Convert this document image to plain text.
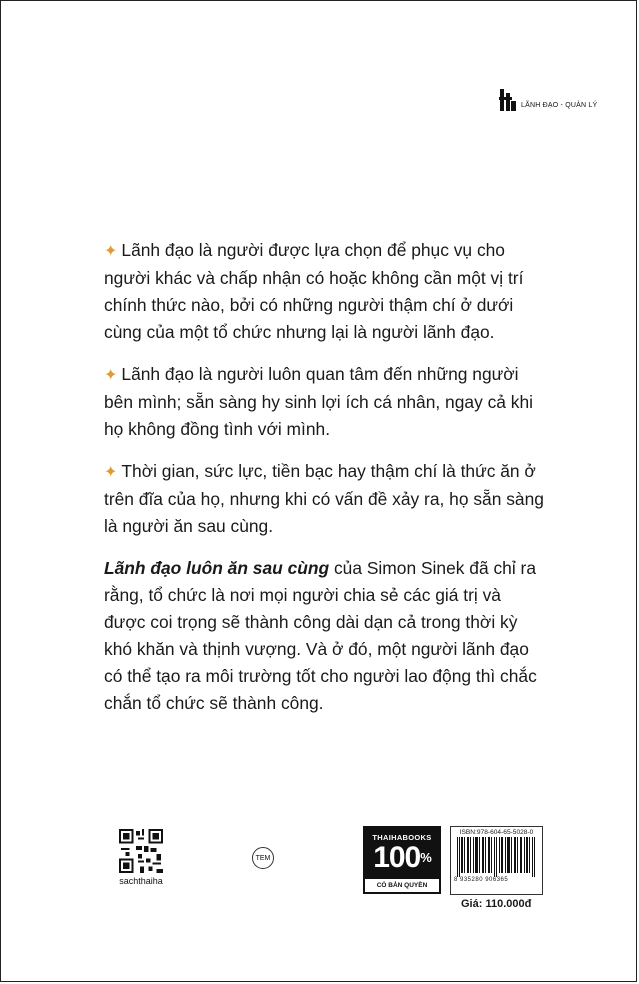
LÃNH ĐẠO - QUẢN LÝ

✦ Lãnh đạo là người được lựa chọn để phục vụ cho người khác và chấp nhận có hoặc không cần một vị trí chính thức nào, bởi có những người thậm chí ở dưới cùng của một tổ chức nhưng lại là người lãnh đạo.

✦ Lãnh đạo là người luôn quan tâm đến những người bên mình; sẵn sàng hy sinh lợi ích cá nhân, ngay cả khi họ không đồng tình với mình.

✦ Thời gian, sức lực, tiền bạc hay thậm chí là thức ăn ở trên đĩa của họ, nhưng khi có vấn đề xảy ra, họ sẵn sàng là người ăn sau cùng.

Lãnh đạo luôn ăn sau cùng của Simon Sinek đã chỉ ra rằng, tổ chức là nơi mọi người chia sẻ các giá trị và được coi trọng sẽ thành công dài dạn cả trong thời kỳ khó khăn và thịnh vượng. Và ở đó, một người lãnh đạo có thể tạo ra môi trường tốt cho người lao động thì chắc chắn tổ chức sẽ thành công.

sachthaiha
TEM
THAIHABOOKS
100%
CÓ BẢN QUYỀN
ISBN:978-604-65-5028-0
8 935280 906365
Giá: 110.000đ
